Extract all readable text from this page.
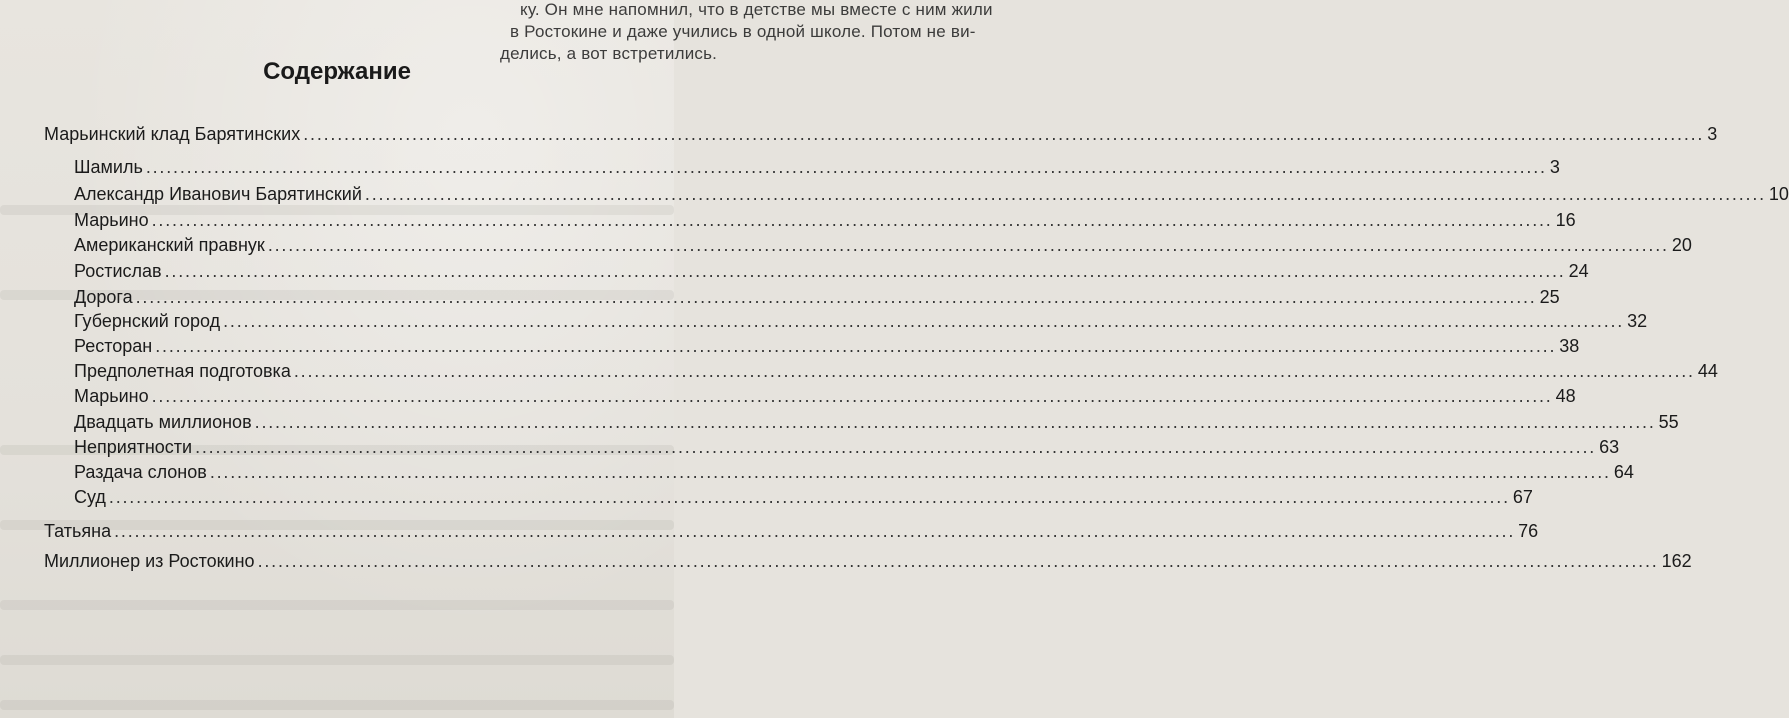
ку. Он мне напомнил, что в детстве мы вместе с ним жили
в Ростокине и даже учились в одной школе. Потом не ви-
делись, а вот встретились.
Содержание
Марьинский клад Барятинских .....	3
Шамиль .....	3
Александр Иванович Барятинский .....	10
Марьино .....	16
Американский правнук .....	20
Ростислав .....	24
Дорога .....	25
Губернский город .....	32
Ресторан .....	38
Предполетная подготовка .....	44
Марьино .....	48
Двадцать миллионов .....	55
Неприятности .....	63
Раздача слонов .....	64
Суд .....	67
Татьяна .....	76
Миллионер из Ростокино .....	162
